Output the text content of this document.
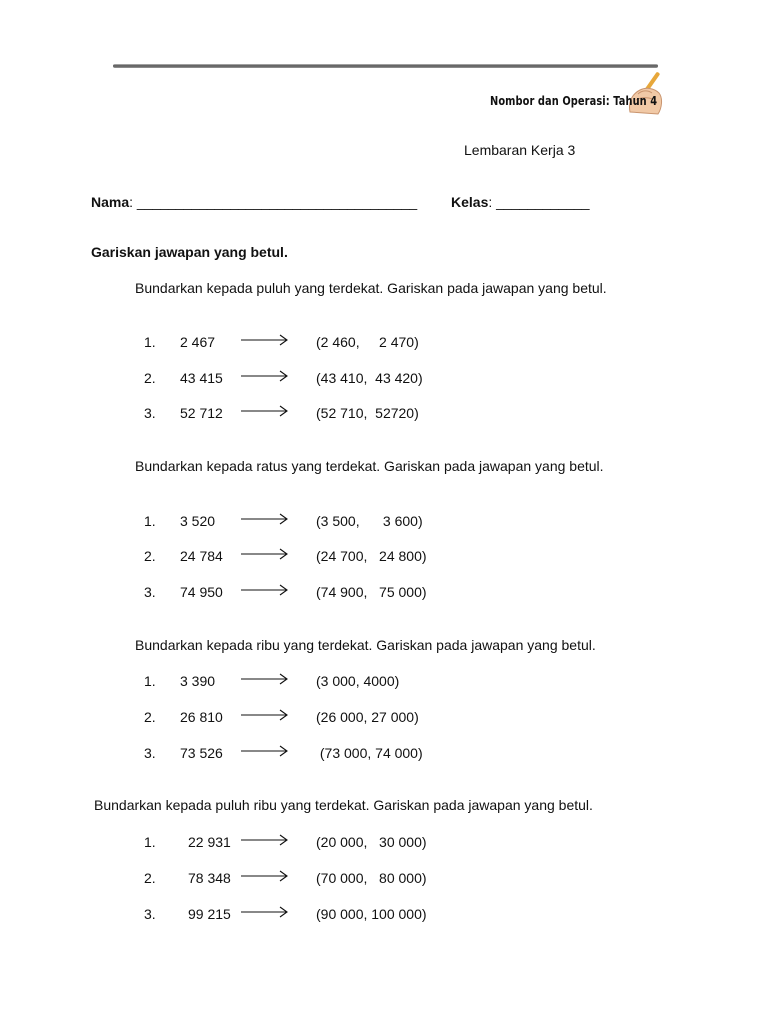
Nombor dan Operasi: Tahun 4
Lembaran Kerja 3
Nama: ____________________________________ Kelas: ____________
Gariskan jawapan yang betul.
Bundarkan kepada puluh yang terdekat. Gariskan pada jawapan yang betul.
1. 2 467	(2 460,     2 470)
2. 43 415	(43 410,  43 420)
3. 52 712	(52 710,  52720)
Bundarkan kepada ratus yang terdekat. Gariskan pada jawapan yang betul.
1. 3 520	(3 500,      3 600)
2. 24 784	(24 700,   24 800)
3. 74 950	(74 900,   75 000)
Bundarkan kepada ribu yang terdekat. Gariskan pada jawapan yang betul.
1. 3 390	(3 000, 4000)
2. 26 810	(26 000, 27 000)
3. 73 526	(73 000, 74 000)
Bundarkan kepada puluh ribu yang terdekat. Gariskan pada jawapan yang betul.
1. 22 931	(20 000,   30 000)
2. 78 348	(70 000,   80 000)
3. 99 215	(90 000, 100 000)
